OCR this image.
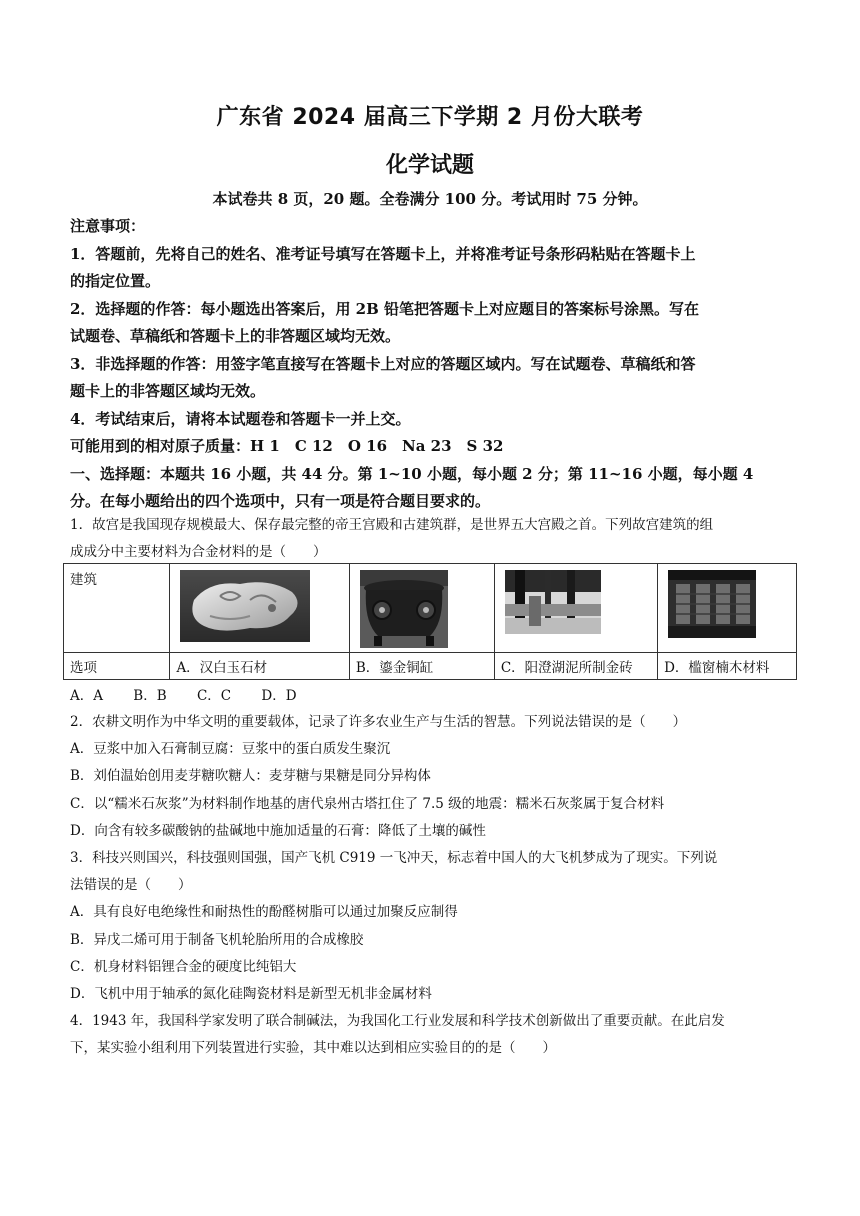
广东省 2024 届高三下学期 2 月份大联考
化学试题
本试卷共 8 页，20 题。全卷满分 100 分。考试用时 75 分钟。
注意事项：
1．答题前，先将自己的姓名、准考证号填写在答题卡上，并将准考证号条形码粘贴在答题卡上
的指定位置。
2．选择题的作答：每小题选出答案后，用 2B 铅笔把答题卡上对应题目的答案标号涂黑。写在
试题卷、草稿纸和答题卡上的非答题区域均无效。
3．非选择题的作答：用签字笔直接写在答题卡上对应的答题区域内。写在试题卷、草稿纸和答
题卡上的非答题区域均无效。
4．考试结束后，请将本试题卷和答题卡一并上交。
可能用到的相对原子质量：H 1　C 12　O 16　Na 23　S 32
一、选择题：本题共 16 小题，共 44 分。第 1~10 小题，每小题 2 分；第 11~16 小题，每小题 4
分。在每小题给出的四个选项中，只有一项是符合题目要求的。
1．故宫是我国现存规模最大、保存最完整的帝王宫殿和古建筑群，是世界五大宫殿之首。下列故宫建筑的组
成成分中主要材料为合金材料的是（　　）
建筑	

选项	A．汉白玉石材	B．鎏金铜缸	C．阳澄湖泥所制金砖	D．槛窗楠木材料
A．A B．B C．C D．D
2．农耕文明作为中华文明的重要载体，记录了许多农业生产与生活的智慧。下列说法错误的是（　　）
A．豆浆中加入石膏制豆腐：豆浆中的蛋白质发生聚沉
B．刘伯温始创用麦芽糖吹糖人：麦芽糖与果糖是同分异构体
C．以“糯米石灰浆”为材料制作地基的唐代泉州古塔扛住了 7.5 级的地震：糯米石灰浆属于复合材料
D．向含有较多碳酸钠的盐碱地中施加适量的石膏：降低了土壤的碱性
3．科技兴则国兴，科技强则国强，国产飞机 C919 一飞冲天，标志着中国人的大飞机梦成为了现实。下列说
法错误的是（　　）
A．具有良好电绝缘性和耐热性的酚醛树脂可以通过加聚反应制得
B．异戊二烯可用于制备飞机轮胎所用的合成橡胶
C．机身材料铝锂合金的硬度比纯铝大
D．飞机中用于轴承的氮化硅陶瓷材料是新型无机非金属材料
4．1943 年，我国科学家发明了联合制碱法，为我国化工行业发展和科学技术创新做出了重要贡献。在此启发
下，某实验小组利用下列装置进行实验，其中难以达到相应实验目的的是（　　）
